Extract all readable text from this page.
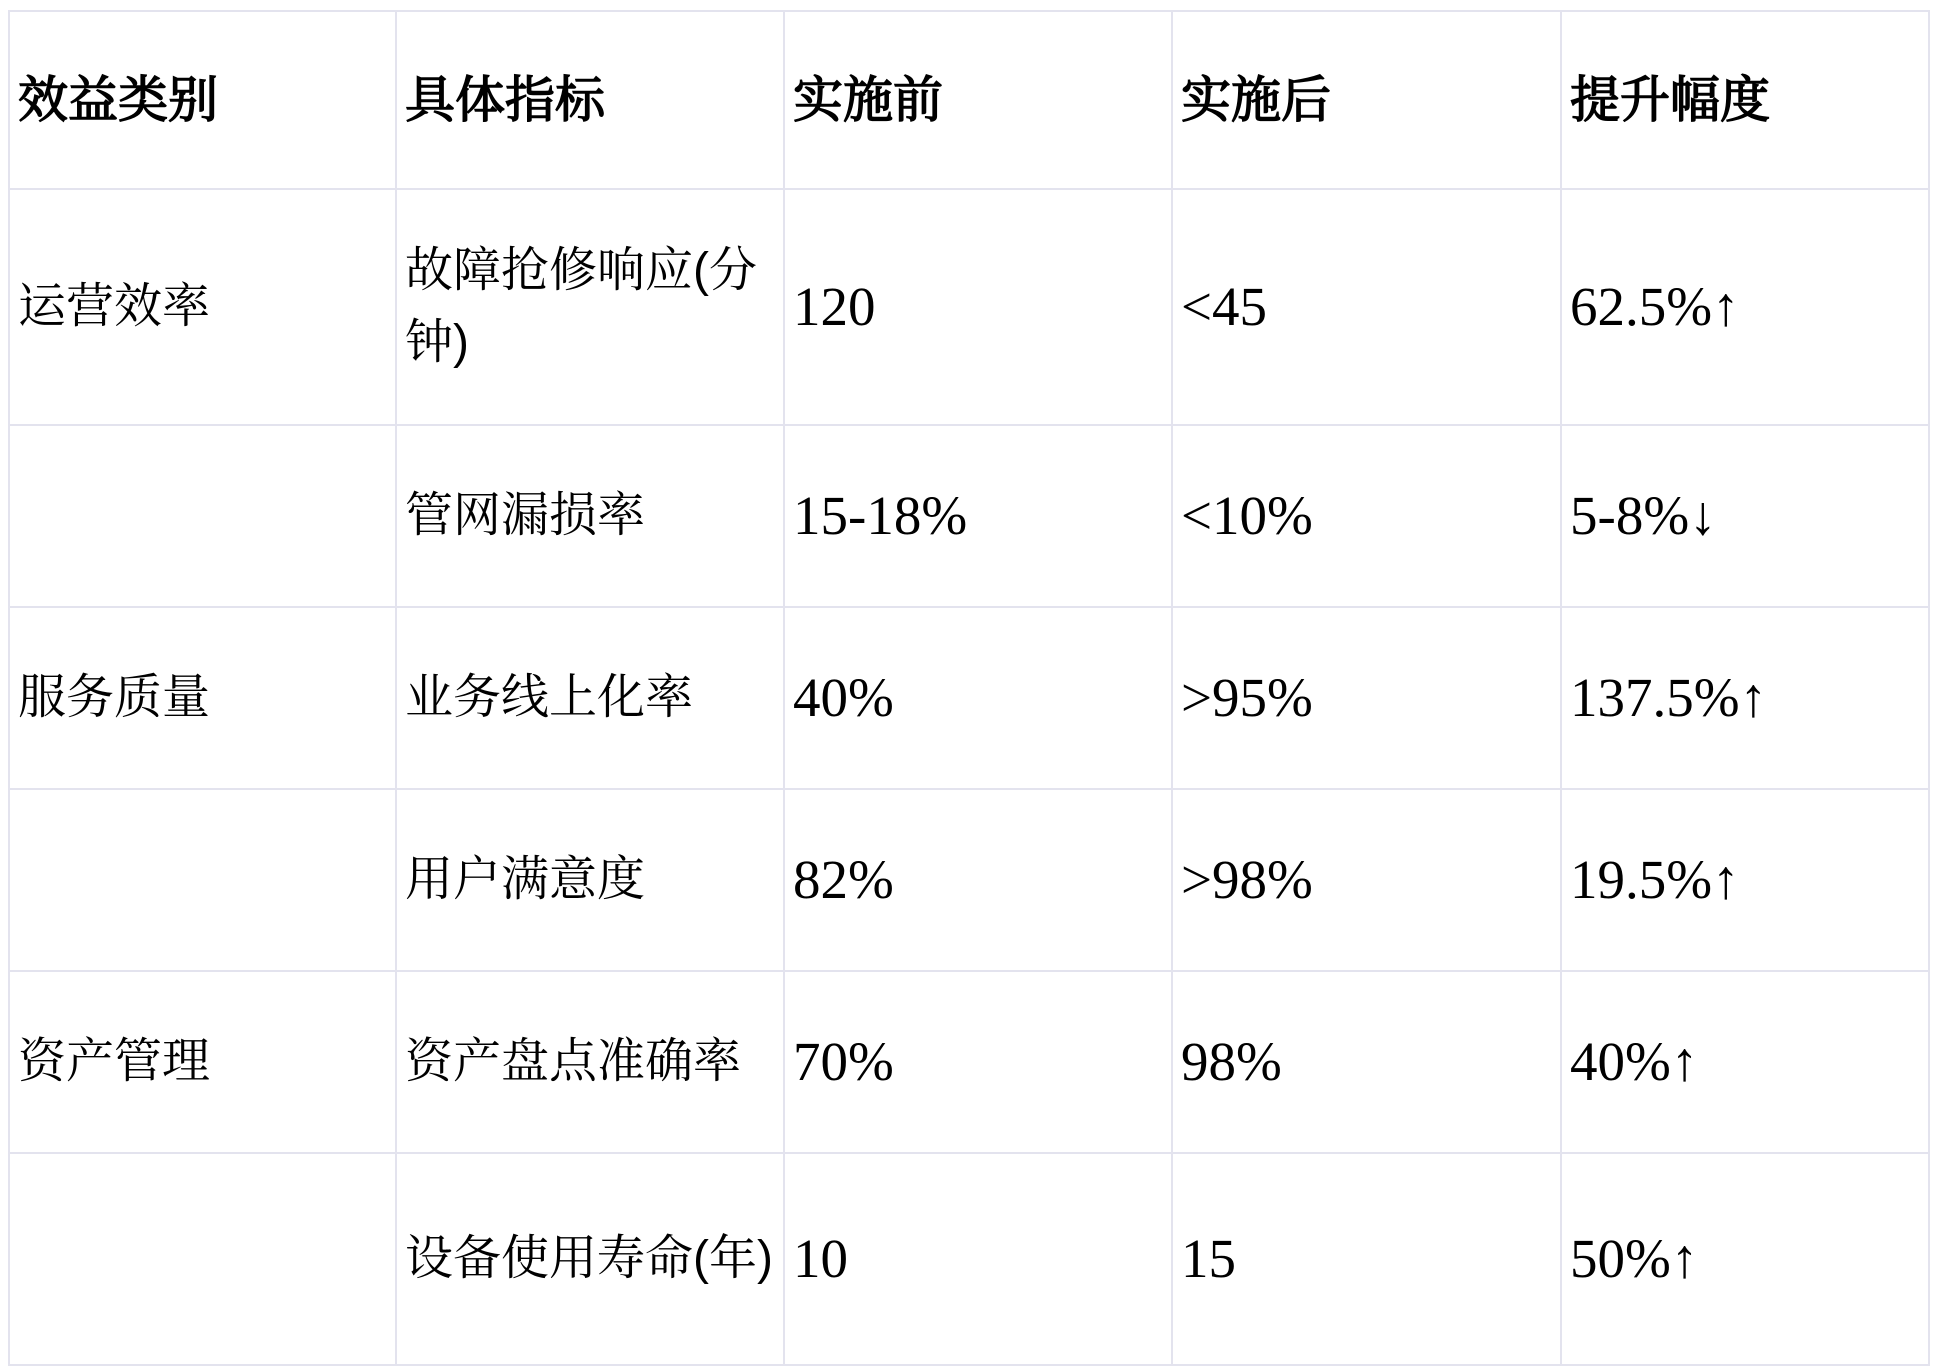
效益类别	具体指标	实施前	实施后	提升幅度
运营效率	故障抢修响应(分钟)	120	<45	62.5%↑
	管网漏损率	15-18%	<10%	5-8%↓
服务质量	业务线上化率	40%	>95%	137.5%↑
	用户满意度	82%	>98%	19.5%↑
资产管理	资产盘点准确率	70%	98%	40%↑
	设备使用寿命(年)	10	15	50%↑
